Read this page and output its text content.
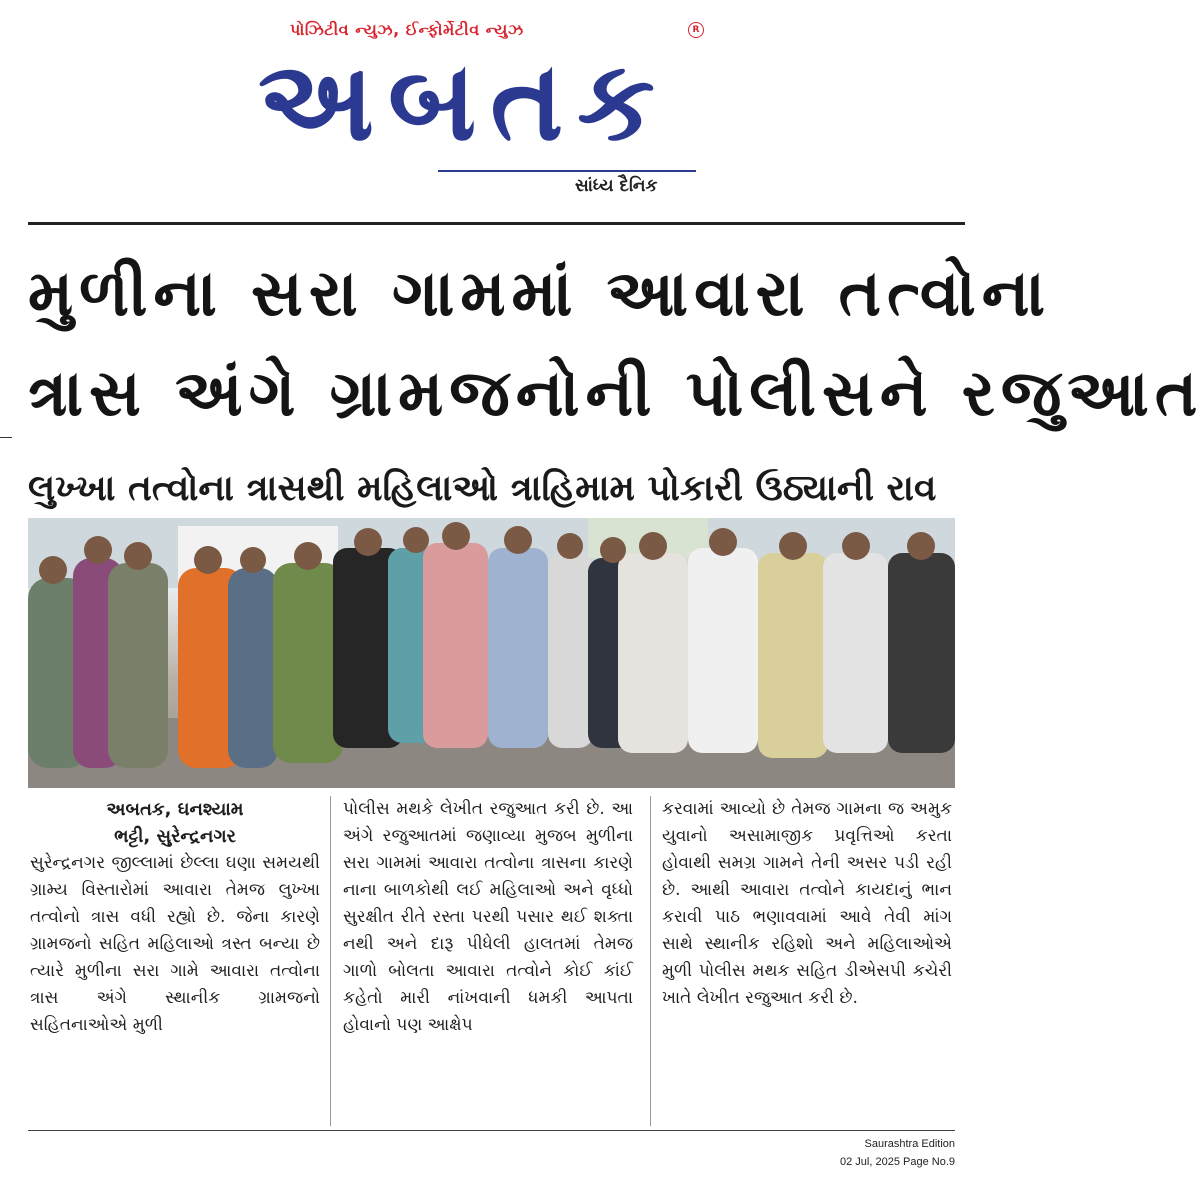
પોઝિટીવ ન્યુઝ, ઈન્ફોર્મેટીવ ન્યુઝ
અબતક
R
સાંધ્ય દૈનિક
મુળીના સરા ગામમાં આવારા તત્વોના
ત્રાસ અંગે ગ્રામજનોની પોલીસને રજુઆત
લુખ્ખા તત્વોના ત્રાસથી મહિલાઓ ત્રાહિમામ પોકારી ઉઠ્યાની રાવ
અબતક, ઘનશ્યામ
ભટ્ટી, સુરેન્દ્રનગર
સુરેન્દ્રનગર જીલ્લામાં છેલ્લા ઘણા સમયથી ગ્રામ્ય વિસ્તારોમાં આવારા તેમજ લુખ્ખા તત્વોનો ત્રાસ વધી રહ્યો છે. જેના કારણે ગ્રામજનો સહિત મહિલાઓ ત્રસ્ત બન્યા છે ત્યારે મુળીના સરા ગામે આવારા તત્વોના ત્રાસ અંગે સ્થાનીક ગ્રામજનો સહિતનાઓએ મુળી
પોલીસ મથકે લેખીત રજુઆત કરી છે. આ અંગે રજુઆતમાં જણાવ્યા મુજબ મુળીના સરા ગામમાં આવારા તત્વોના ત્રાસના કારણે નાના બાળકોથી લઈ મહિલાઓ અને વૃધ્ધો સુરક્ષીત રીતે રસ્તા પરથી પસાર થઈ શક્તા નથી અને દારૂ પીધેલી હાલતમાં તેમજ ગાળો બોલતા આવારા તત્વોને કોઈ કાંઈ કહેતો મારી નાંખવાની ધમકી આપતા હોવાનો પણ આક્ષેપ
કરવામાં આવ્યો છે તેમજ ગામના જ અમુક યુવાનો અસામાજીક પ્રવૃત્તિઓ કરતા હોવાથી સમગ્ર ગામને તેની અસર પડી રહી છે. આથી આવારા તત્વોને કાયદાનું ભાન કરાવી પાઠ ભણાવવામાં આવે તેવી માંગ સાથે સ્થાનીક રહિશો અને મહિલાઓએ મુળી પોલીસ મથક સહિત ડીએસપી કચેરી ખાતે લેખીત રજુઆત કરી છે.
Saurashtra Edition
02 Jul, 2025 Page No.9
